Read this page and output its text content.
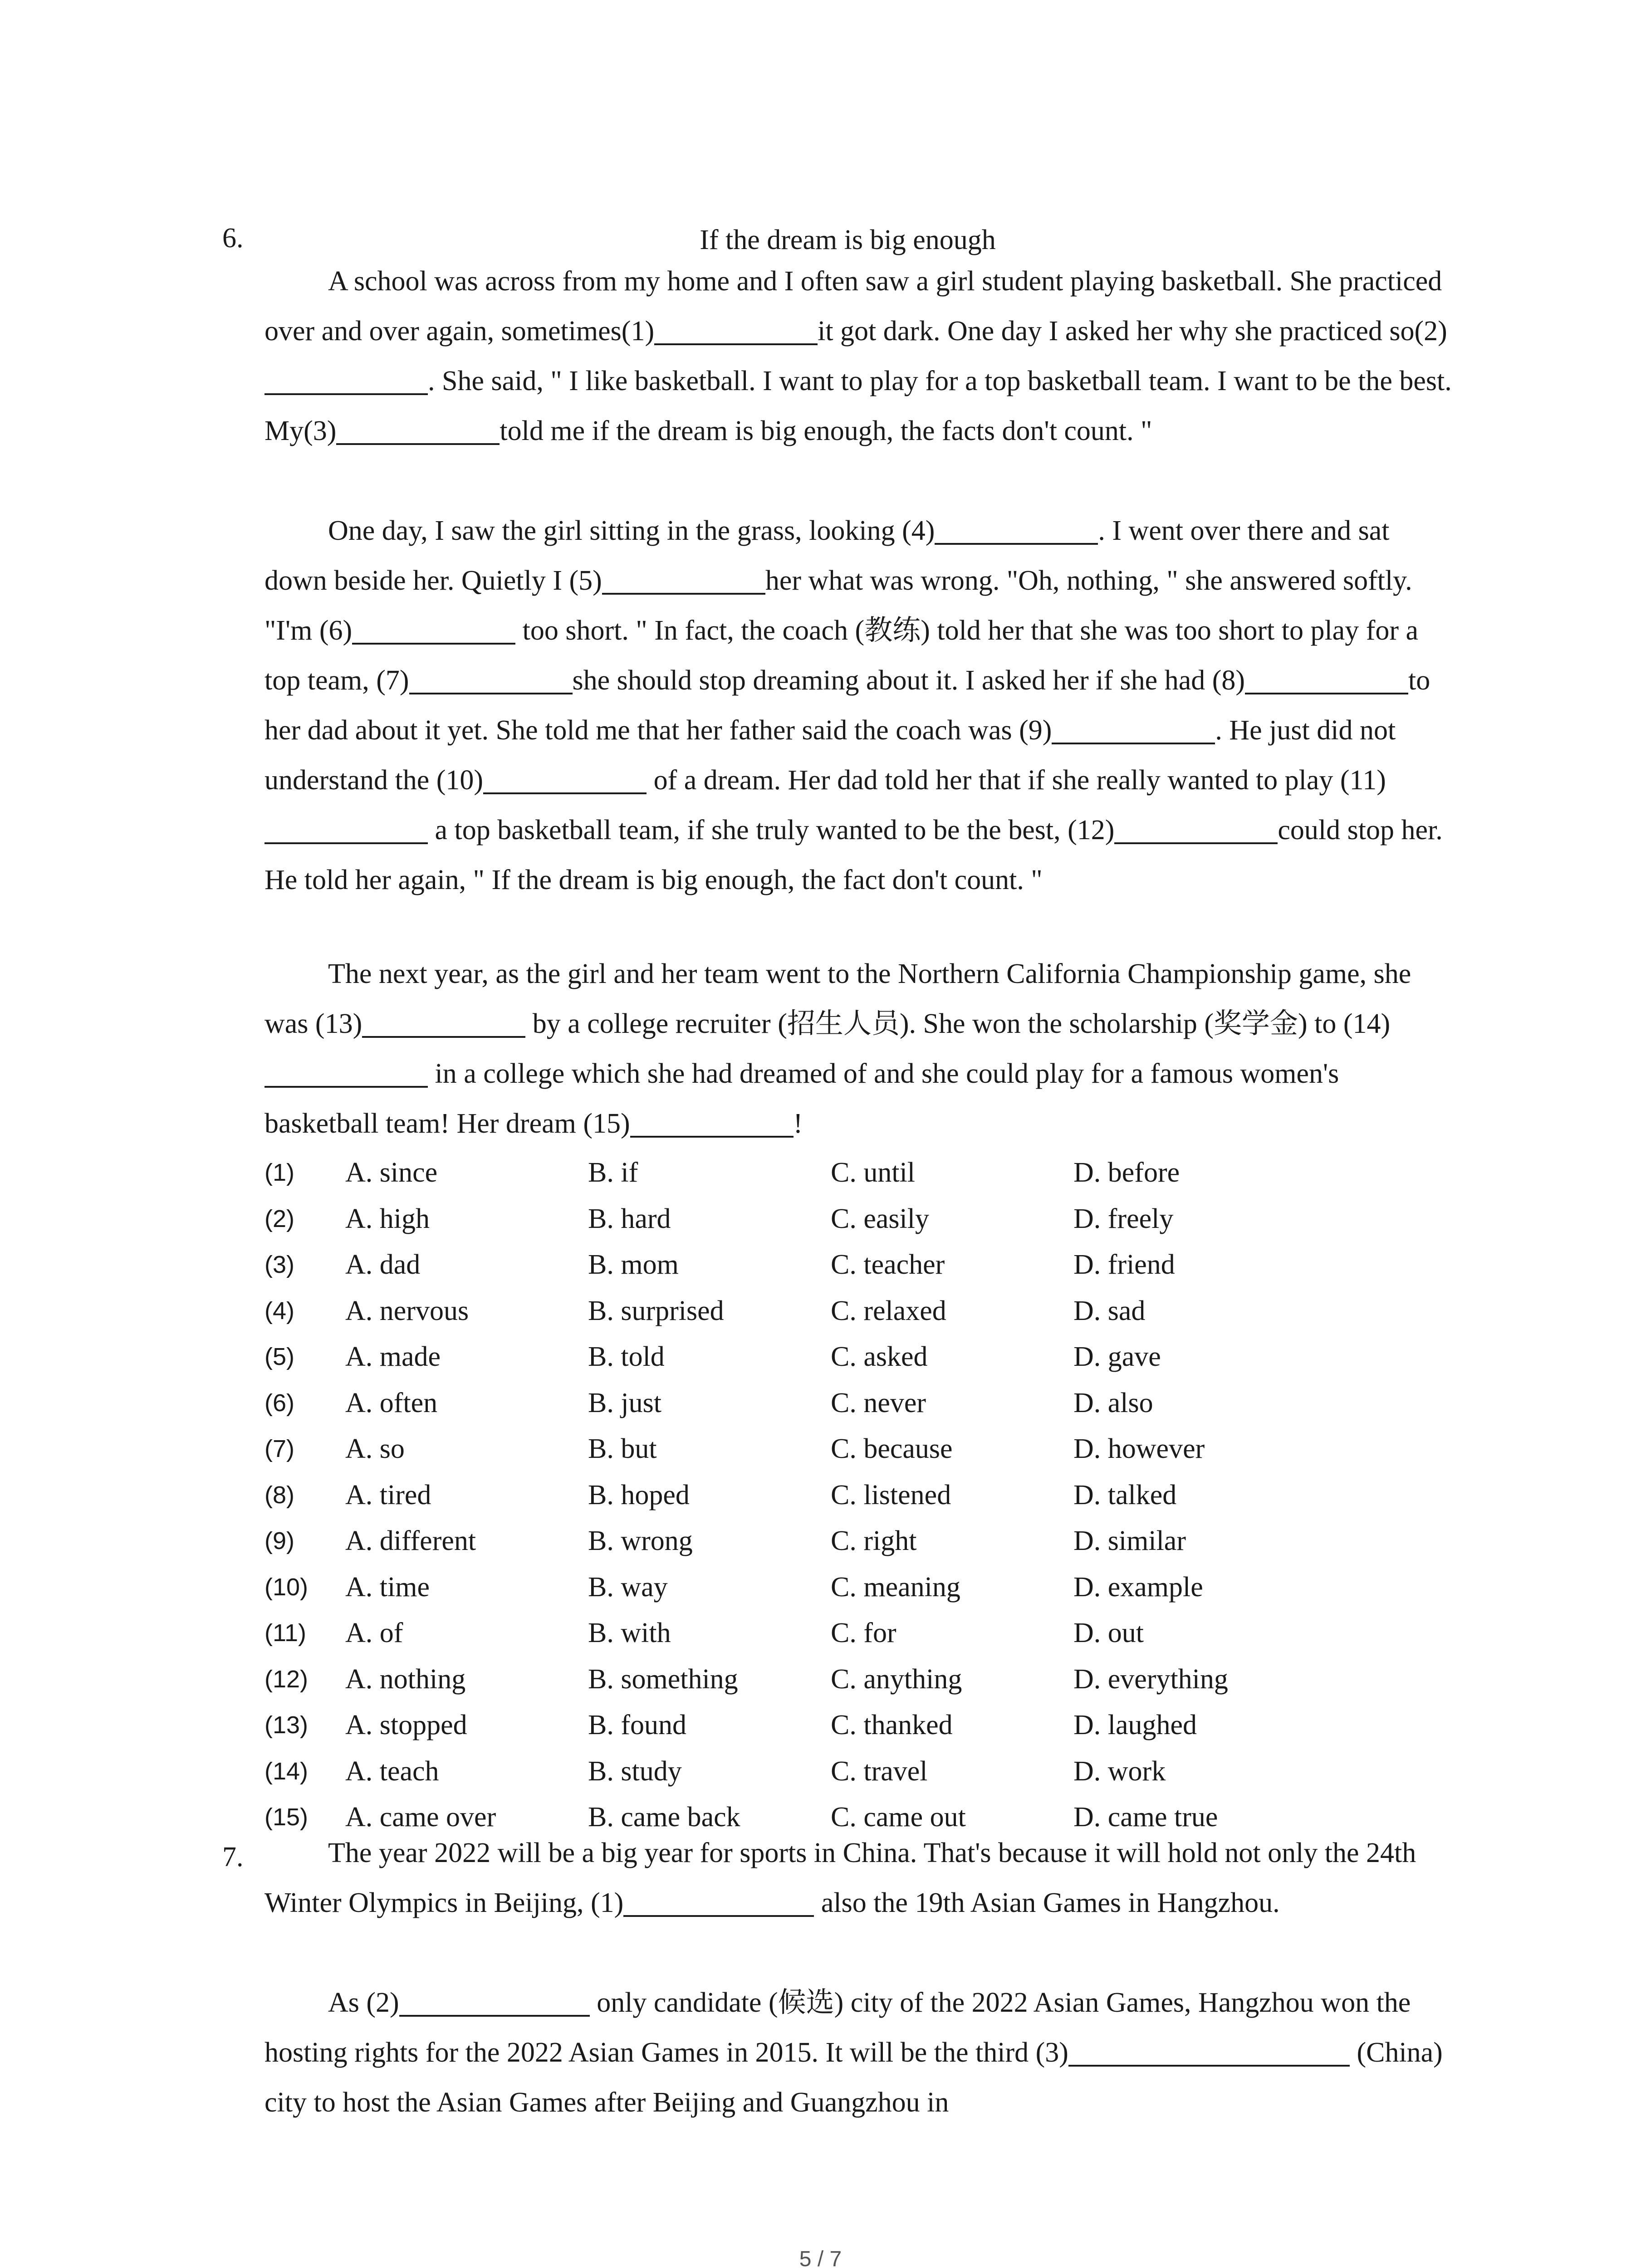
6.	If the dream is big enough
A school was across from my home and I often saw a girl student playing basketball. She practiced over and over again, sometimes(1)	it got dark. One day I asked her why she practiced so(2). She said, " I like basketball. I want to play for a top basketball team. I want to be the best. My(3)	told me if the dream is big enough, the facts don't count. "
One day, I saw the girl sitting in the grass, looking (4)	. I went over there and sat down beside her. Quietly I (5)	her what was wrong. "Oh, nothing, " she answered softly. "I'm (6)	too short. " In fact, the coach (教练) told her that she was too short to play for a top team, (7)	she should stop dreaming about it. I asked her if she had (8)	to her dad about it yet. She told me that her father said the coach was (9)	. He just did not understand the (10)	of a dream. Her dad told her that if she really wanted to play (11) a top basketball team, if she truly wanted to be the best, (12)	could stop her. He told her again, " If the dream is big enough, the fact don't count. "
The next year, as the girl and her team went to the Northern California Championship game, she was (13)	by a college recruiter (招生人员). She won the scholarship (奖学金) to (14) in a college which she had dreamed of and she could play for a famous women's basketball team! Her dream (15)	!
(1)	A. since	B. if	C. until	D. before
(2)	A. high	B. hard	C. easily	D. freely
(3)	A. dad	B. mom	C. teacher	D. friend
(4)	A. nervous	B. surprised	C. relaxed	D. sad
(5)	A. made	B. told	C. asked	D. gave
(6)	A. often	B. just	C. never	D. also
(7)	A. so	B. but	C. because	D. however
(8)	A. tired	B. hoped	C. listened	D. talked
(9)	A. different	B. wrong	C. right	D. similar
(10)	A. time	B. way	C. meaning	D. example
(11)	A. of	B. with	C. for	D. out
(12)	A. nothing	B. something	C. anything	D. everything
(13)	A. stopped	B. found	C. thanked	D. laughed
(14)	A. teach	B. study	C. travel	D. work
(15)	A. came over	B. came back	C. came out	D. came true
7.	The year 2022 will be a big year for sports in China. That's because it will hold not only the 24th Winter Olympics in Beijing, (1)	also the 19th Asian Games in Hangzhou.
As (2)	only candidate (候选) city of the 2022 Asian Games, Hangzhou won the hosting rights for the 2022 Asian Games in 2015. It will be the third (3)	(China) city to host the Asian Games after Beijing and Guangzhou in
5 / 7
